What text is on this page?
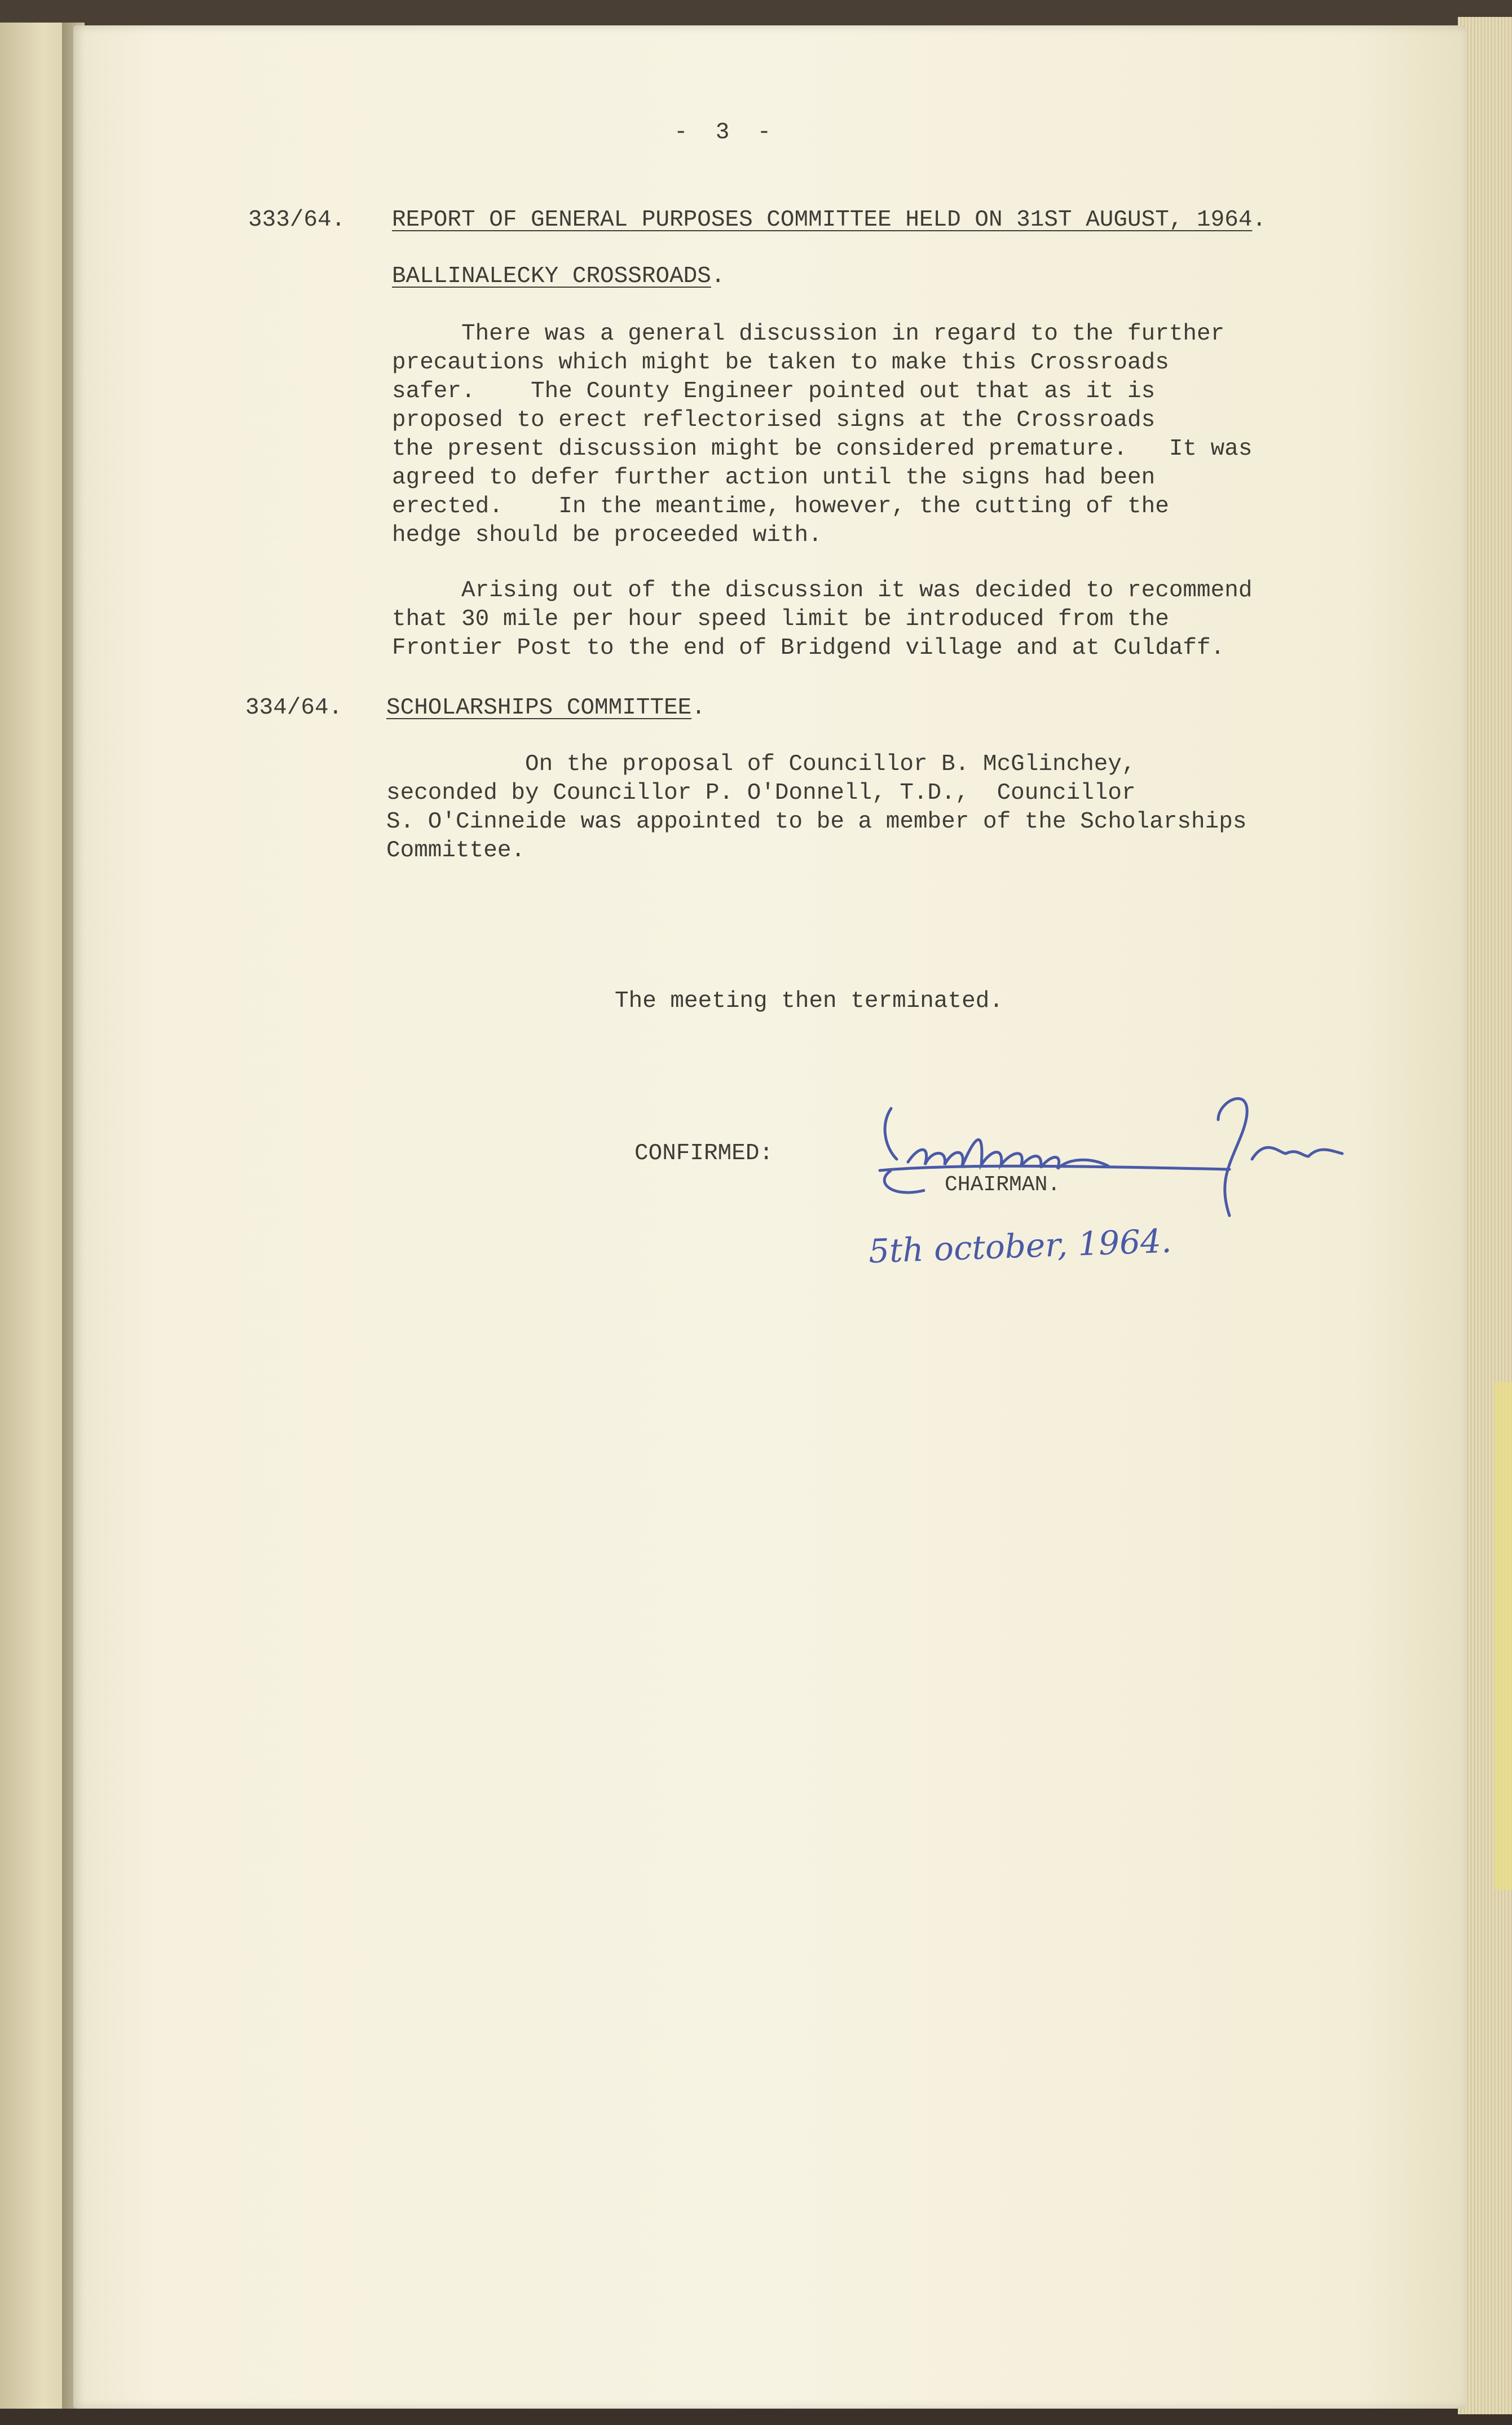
-  3  -
333/64. REPORT OF GENERAL PURPOSES COMMITTEE HELD ON 31ST AUGUST, 1964.
BALLINALECKY CROSSROADS.
There was a general discussion in regard to the further
precautions which might be taken to make this Crossroads
safer.    The County Engineer pointed out that as it is
proposed to erect reflectorised signs at the Crossroads
the present discussion might be considered premature.   It was
agreed to defer further action until the signs had been
erected.    In the meantime, however, the cutting of the
hedge should be proceeded with.
Arising out of the discussion it was decided to recommend
that 30 mile per hour speed limit be introduced from the
Frontier Post to the end of Bridgend village and at Culdaff.
334/64. SCHOLARSHIPS COMMITTEE.
On the proposal of Councillor B. McGlinchey,
seconded by Councillor P. O'Donnell, T.D.,  Councillor
S. O'Cinneide was appointed to be a member of the Scholarships
Committee.
The meeting then terminated.
CONFIRMED:
CHAIRMAN.
5th october, 1964.
